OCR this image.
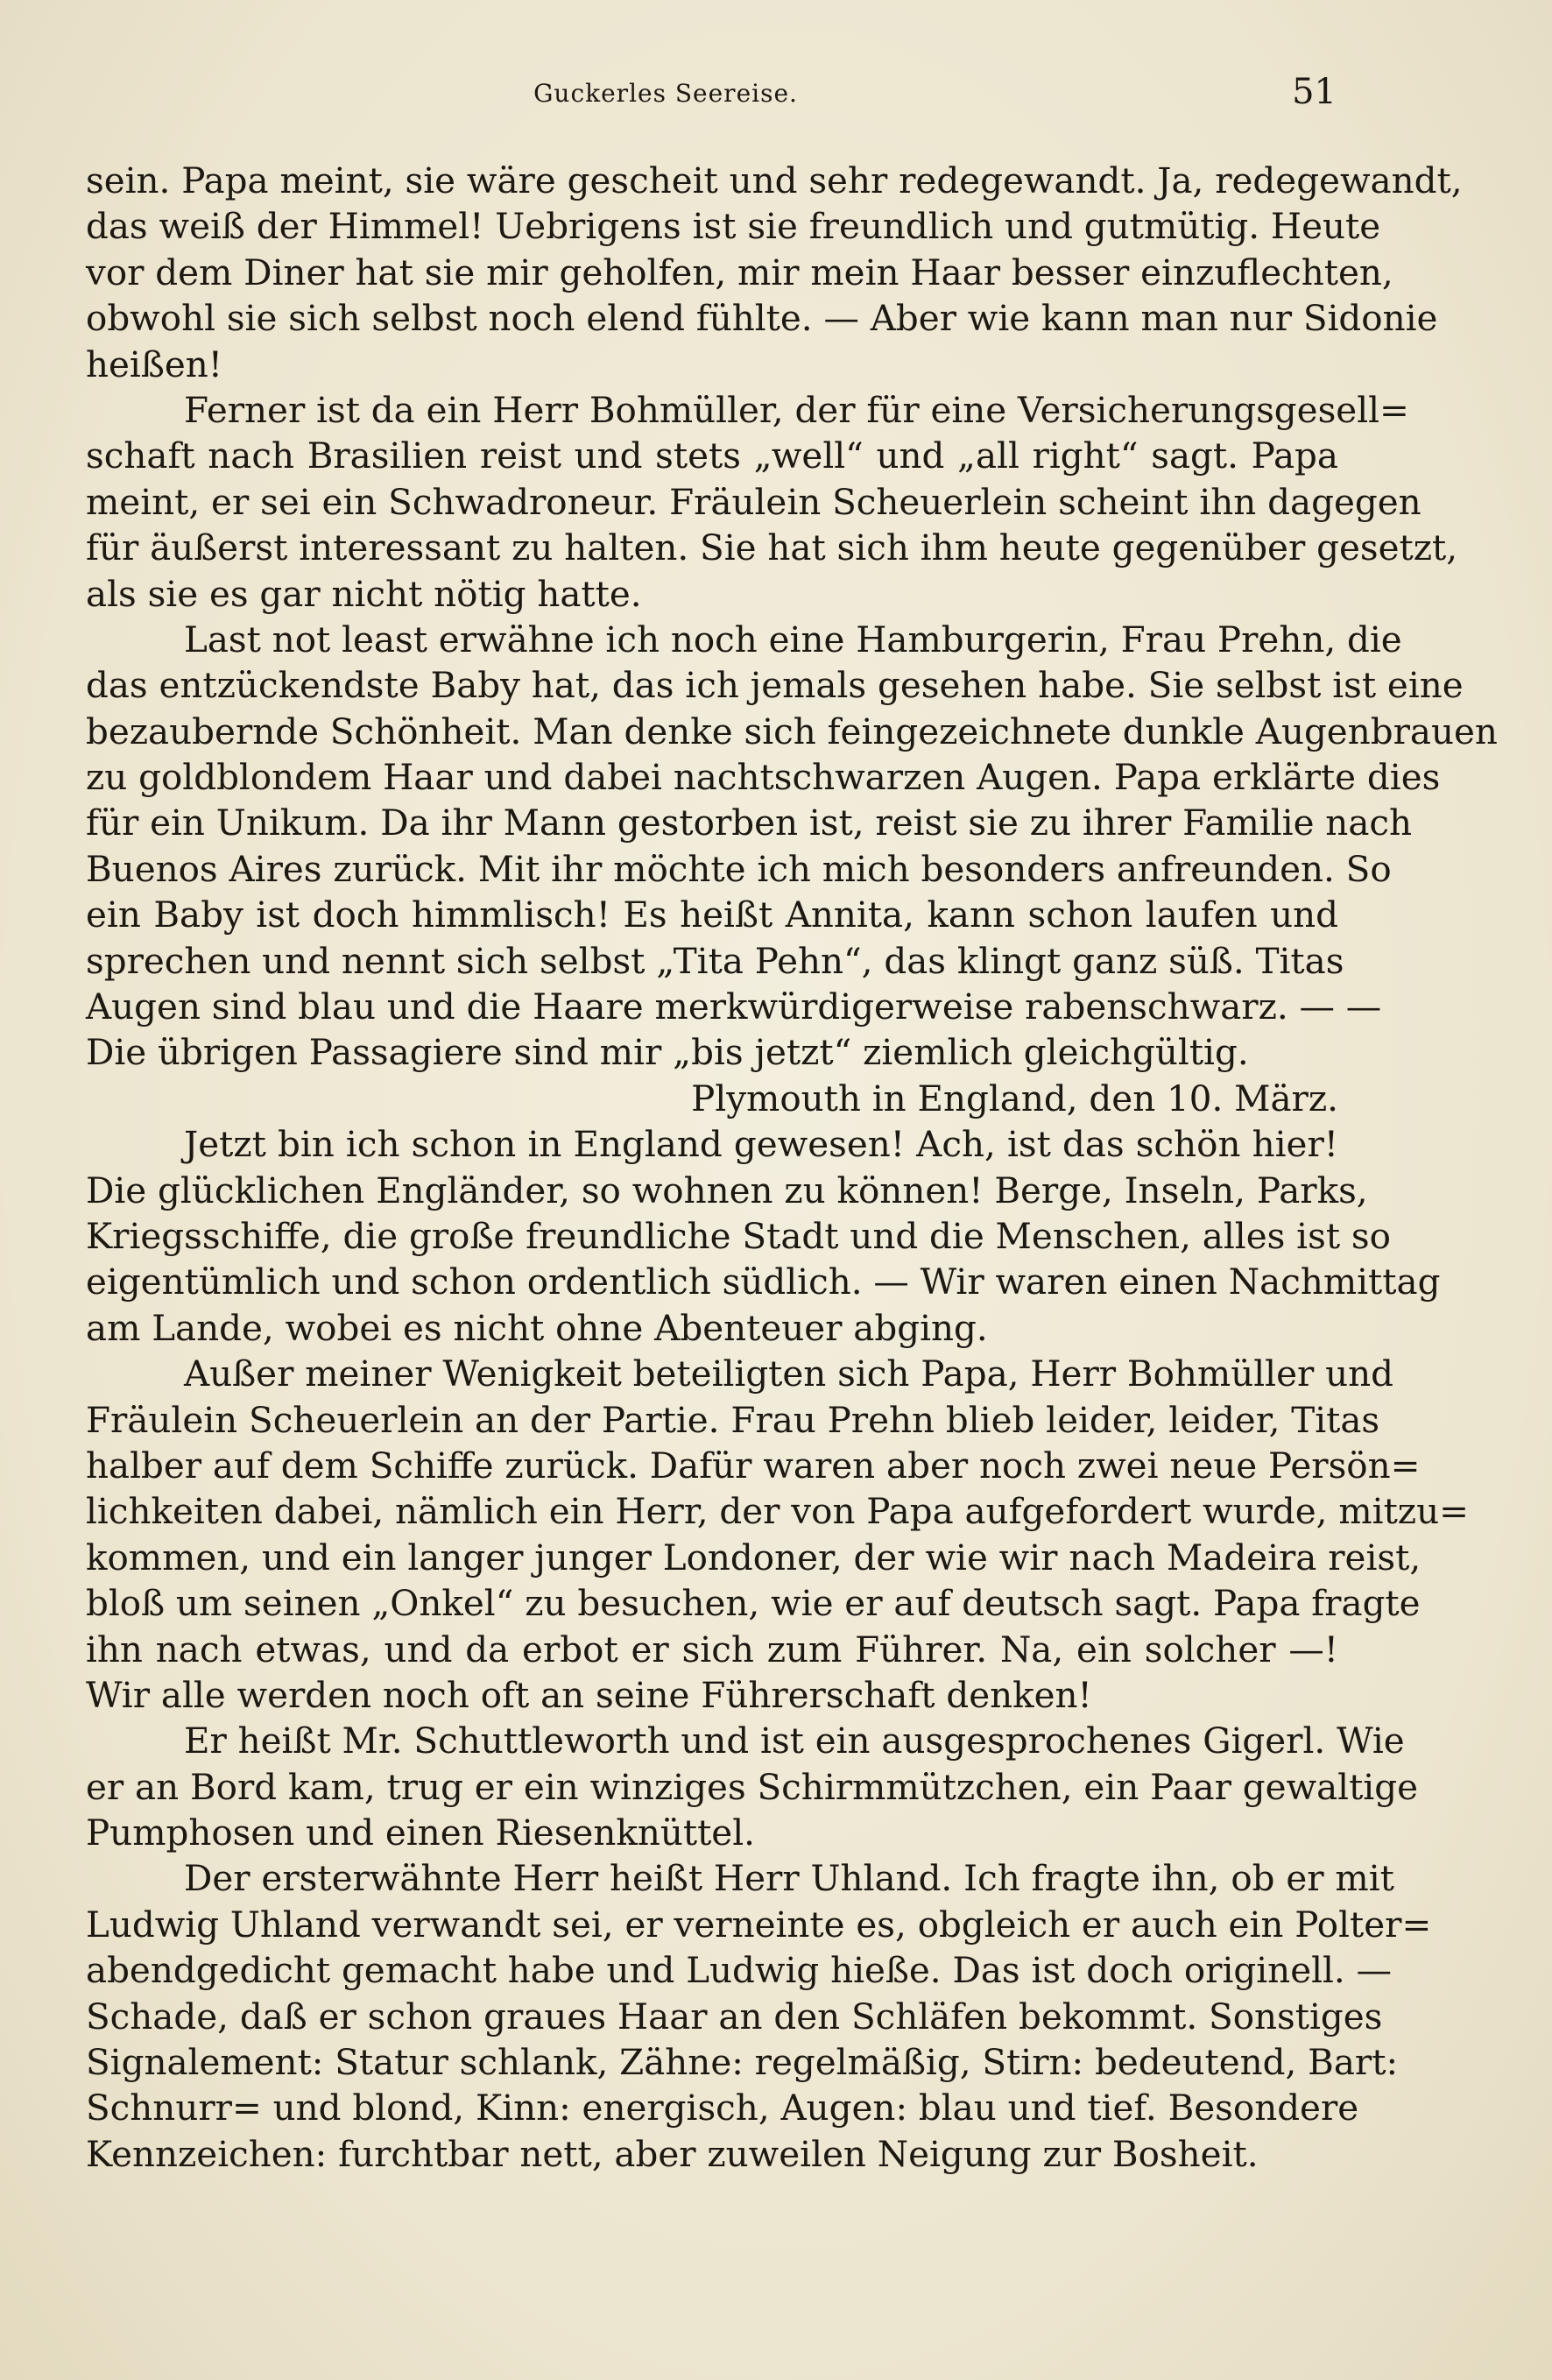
Guckerles Seereise.	51
sein. Papa meint, sie wäre gescheit und sehr redegewandt. Ja, redegewandt,
das weiß der Himmel! Uebrigens ist sie freundlich und gutmütig. Heute
vor dem Diner hat sie mir geholfen, mir mein Haar besser einzuflechten,
obwohl sie sich selbst noch elend fühlte. — Aber wie kann man nur Sidonie
heißen!
Ferner ist da ein Herr Bohmüller, der für eine Versicherungsgesell=
schaft nach Brasilien reist und stets „well“ und „all right“ sagt. Papa
meint, er sei ein Schwadroneur. Fräulein Scheuerlein scheint ihn dagegen
für äußerst interessant zu halten. Sie hat sich ihm heute gegenüber gesetzt,
als sie es gar nicht nötig hatte.
Last not least erwähne ich noch eine Hamburgerin, Frau Prehn, die
das entzückendste Baby hat, das ich jemals gesehen habe. Sie selbst ist eine
bezaubernde Schönheit. Man denke sich feingezeichnete dunkle Augenbrauen
zu goldblondem Haar und dabei nachtschwarzen Augen. Papa erklärte dies
für ein Unikum. Da ihr Mann gestorben ist, reist sie zu ihrer Familie nach
Buenos Aires zurück. Mit ihr möchte ich mich besonders anfreunden. So
ein Baby ist doch himmlisch! Es heißt Annita, kann schon laufen und
sprechen und nennt sich selbst „Tita Pehn“, das klingt ganz süß. Titas
Augen sind blau und die Haare merkwürdigerweise rabenschwarz. — —
Die übrigen Passagiere sind mir „bis jetzt“ ziemlich gleichgültig.
Plymouth in England, den 10. März.
Jetzt bin ich schon in England gewesen! Ach, ist das schön hier!
Die glücklichen Engländer, so wohnen zu können! Berge, Inseln, Parks,
Kriegsschiffe, die große freundliche Stadt und die Menschen, alles ist so
eigentümlich und schon ordentlich südlich. — Wir waren einen Nachmittag
am Lande, wobei es nicht ohne Abenteuer abging.
Außer meiner Wenigkeit beteiligten sich Papa, Herr Bohmüller und
Fräulein Scheuerlein an der Partie. Frau Prehn blieb leider, leider, Titas
halber auf dem Schiffe zurück. Dafür waren aber noch zwei neue Persön=
lichkeiten dabei, nämlich ein Herr, der von Papa aufgefordert wurde, mitzu=
kommen, und ein langer junger Londoner, der wie wir nach Madeira reist,
bloß um seinen „Onkel“ zu besuchen, wie er auf deutsch sagt. Papa fragte
ihn nach etwas, und da erbot er sich zum Führer. Na, ein solcher —!
Wir alle werden noch oft an seine Führerschaft denken!
Er heißt Mr. Schuttleworth und ist ein ausgesprochenes Gigerl. Wie
er an Bord kam, trug er ein winziges Schirmmützchen, ein Paar gewaltige
Pumphosen und einen Riesenknüttel.
Der ersterwähnte Herr heißt Herr Uhland. Ich fragte ihn, ob er mit
Ludwig Uhland verwandt sei, er verneinte es, obgleich er auch ein Polter=
abendgedicht gemacht habe und Ludwig hieße. Das ist doch originell. —
Schade, daß er schon graues Haar an den Schläfen bekommt. Sonstiges
Signalement: Statur schlank, Zähne: regelmäßig, Stirn: bedeutend, Bart:
Schnurr= und blond, Kinn: energisch, Augen: blau und tief. Besondere
Kennzeichen: furchtbar nett, aber zuweilen Neigung zur Bosheit.
